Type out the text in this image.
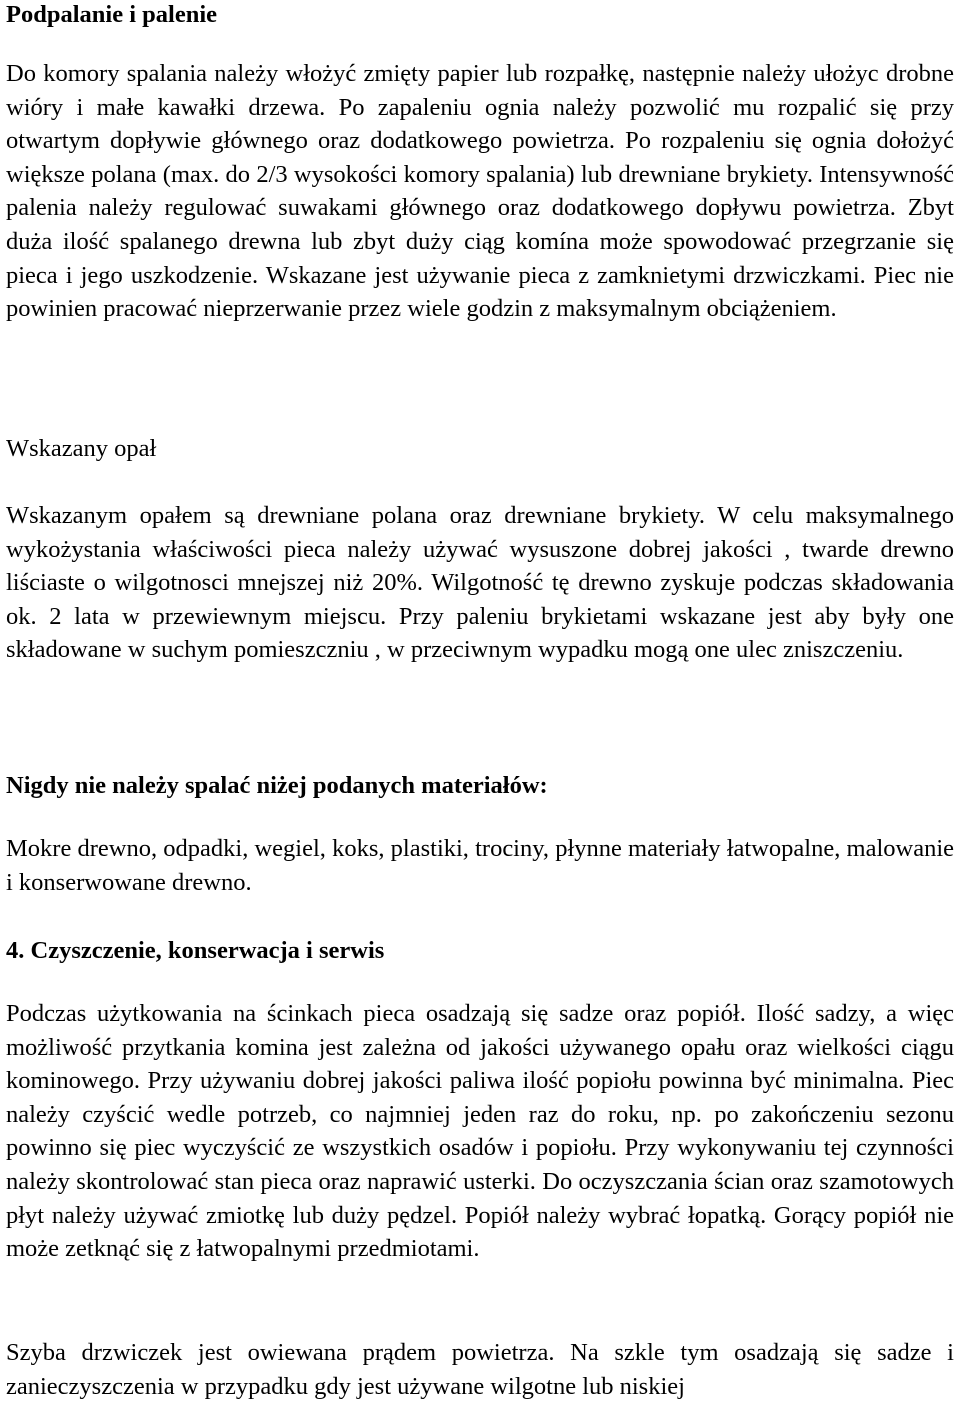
Podpalanie i palenie

Do komory spalania należy włożyć zmięty papier lub rozpałkę, następnie należy ułożyc drobne wióry i małe kawałki drzewa. Po zapaleniu ognia należy pozwolić mu rozpalić się przy otwartym dopływie głównego oraz dodatkowego powietrza. Po rozpaleniu się ognia dołożyć większe polana (max. do 2/3 wysokości komory spalania) lub drewniane brykiety. Intensywność palenia należy regulować suwakami głównego oraz dodatkowego dopływu powietrza. Zbyt duża ilość spalanego drewna lub zbyt duży ciąg komína może spowodować przegrzanie się pieca i jego uszkodzenie. Wskazane jest używanie pieca z zamknietymi drzwiczkami. Piec nie powinien pracować nieprzerwanie przez wiele godzin z maksymalnym obciążeniem.

Wskazany opał

Wskazanym opałem są drewniane polana oraz drewniane brykiety. W celu maksymalnego wykożystania właściwości pieca należy używać wysuszone dobrej jakości , twarde drewno liściaste o wilgotnosci mnejszej niż 20%. Wilgotność tę drewno zyskuje podczas składowania ok. 2 lata w przewiewnym miejscu. Przy paleniu brykietami wskazane jest aby były one składowane w suchym pomieszczniu , w przeciwnym wypadku mogą one ulec zniszczeniu.

Nigdy nie należy spalać niżej podanych materiałów:

Mokre drewno, odpadki, wegiel, koks, plastiki, trociny, płynne materiały łatwopalne, malowanie i konserwowane drewno.

4. Czyszczenie, konserwacja i serwis

Podczas użytkowania na ścinkach pieca osadzają się sadze oraz popiół. Ilość sadzy, a więc możliwość przytkania komina jest zależna od jakości używanego opału oraz wielkości ciągu kominowego. Przy używaniu dobrej jakości paliwa ilość popiołu powinna być minimalna. Piec należy czyścić wedle potrzeb, co najmniej jeden raz do roku, np. po zakończeniu sezonu powinno się piec wyczyścić ze wszystkich osadów i popiołu. Przy wykonywaniu tej czynności należy skontrolować stan pieca oraz naprawić usterki. Do oczyszczania ścian oraz szamotowych płyt należy używać zmiotkę lub duży pędzel. Popiół należy wybrać łopatką. Gorący popiół nie może zetknąć się z łatwopalnymi przedmiotami.

Szyba drzwiczek jest owiewana prądem powietrza. Na szkle tym osadzają się sadze i zanieczyszczenia w przypadku gdy jest używane wilgotne lub niskiej
